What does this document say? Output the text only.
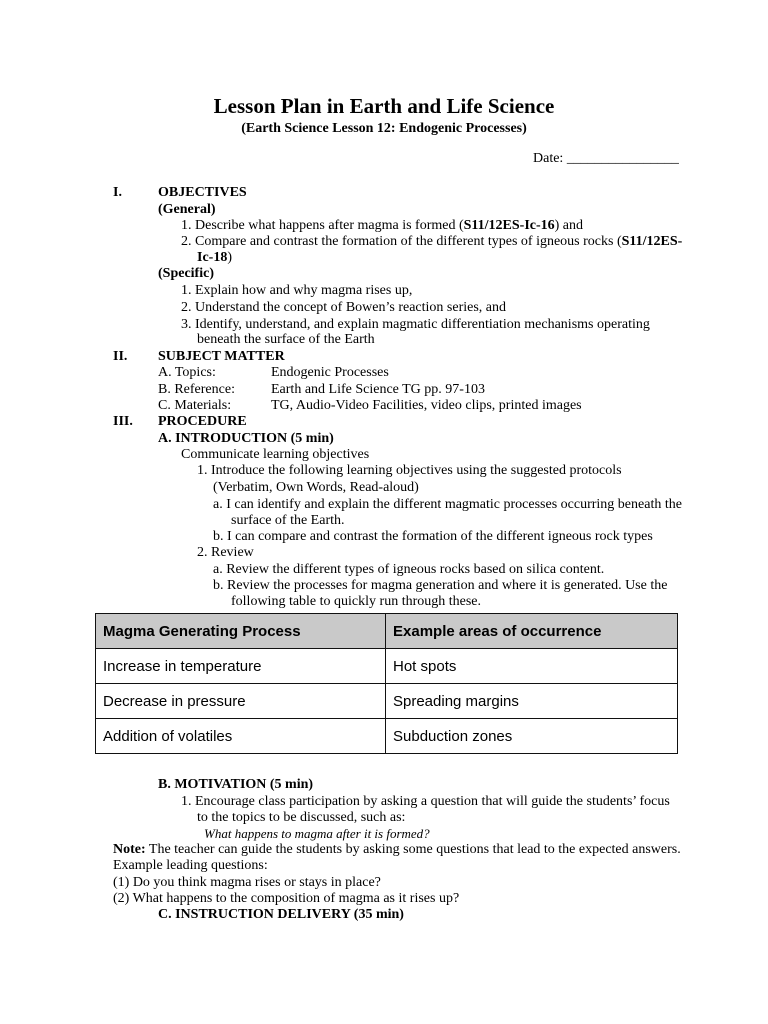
Lesson Plan in Earth and Life Science
(Earth Science Lesson 12: Endogenic Processes)
Date: ________________
I.	OBJECTIVES
(General)
1. Describe what happens after magma is formed (S11/12ES-Ic-16) and
2. Compare and contrast the formation of the different types of igneous rocks (S11/12ES-
Ic-18)
(Specific)
1. Explain how and why magma rises up,
2. Understand the concept of Bowen’s reaction series, and
3. Identify, understand, and explain magmatic differentiation mechanisms operating
beneath the surface of the Earth
II. SUBJECT MATTER
A. Topics:	Endogenic Processes
B. Reference:	Earth and Life Science TG pp. 97-103
C. Materials:	TG, Audio-Video Facilities, video clips, printed images
III. PROCEDURE
A. INTRODUCTION (5 min)
Communicate learning objectives
1. Introduce the following learning objectives using the suggested protocols
(Verbatim, Own Words, Read-aloud)
a. I can identify and explain the different magmatic processes occurring beneath the
surface of the Earth.
b. I can compare and contrast the formation of the different igneous rock types
2. Review
a. Review the different types of igneous rocks based on silica content.
b. Review the processes for magma generation and where it is generated. Use the
following table to quickly run through these.
Magma Generating Process	Example areas of occurrence
Increase in temperature	Hot spots
Decrease in pressure	Spreading margins
Addition of volatiles	Subduction zones
B. MOTIVATION (5 min)
1. Encourage class participation by asking a question that will guide the students’ focus
to the topics to be discussed, such as:
What happens to magma after it is formed?
Note: The teacher can guide the students by asking some questions that lead to the expected answers.
Example leading questions:
(1) Do you think magma rises or stays in place?
(2) What happens to the composition of magma as it rises up?
C. INSTRUCTION DELIVERY (35 min)
